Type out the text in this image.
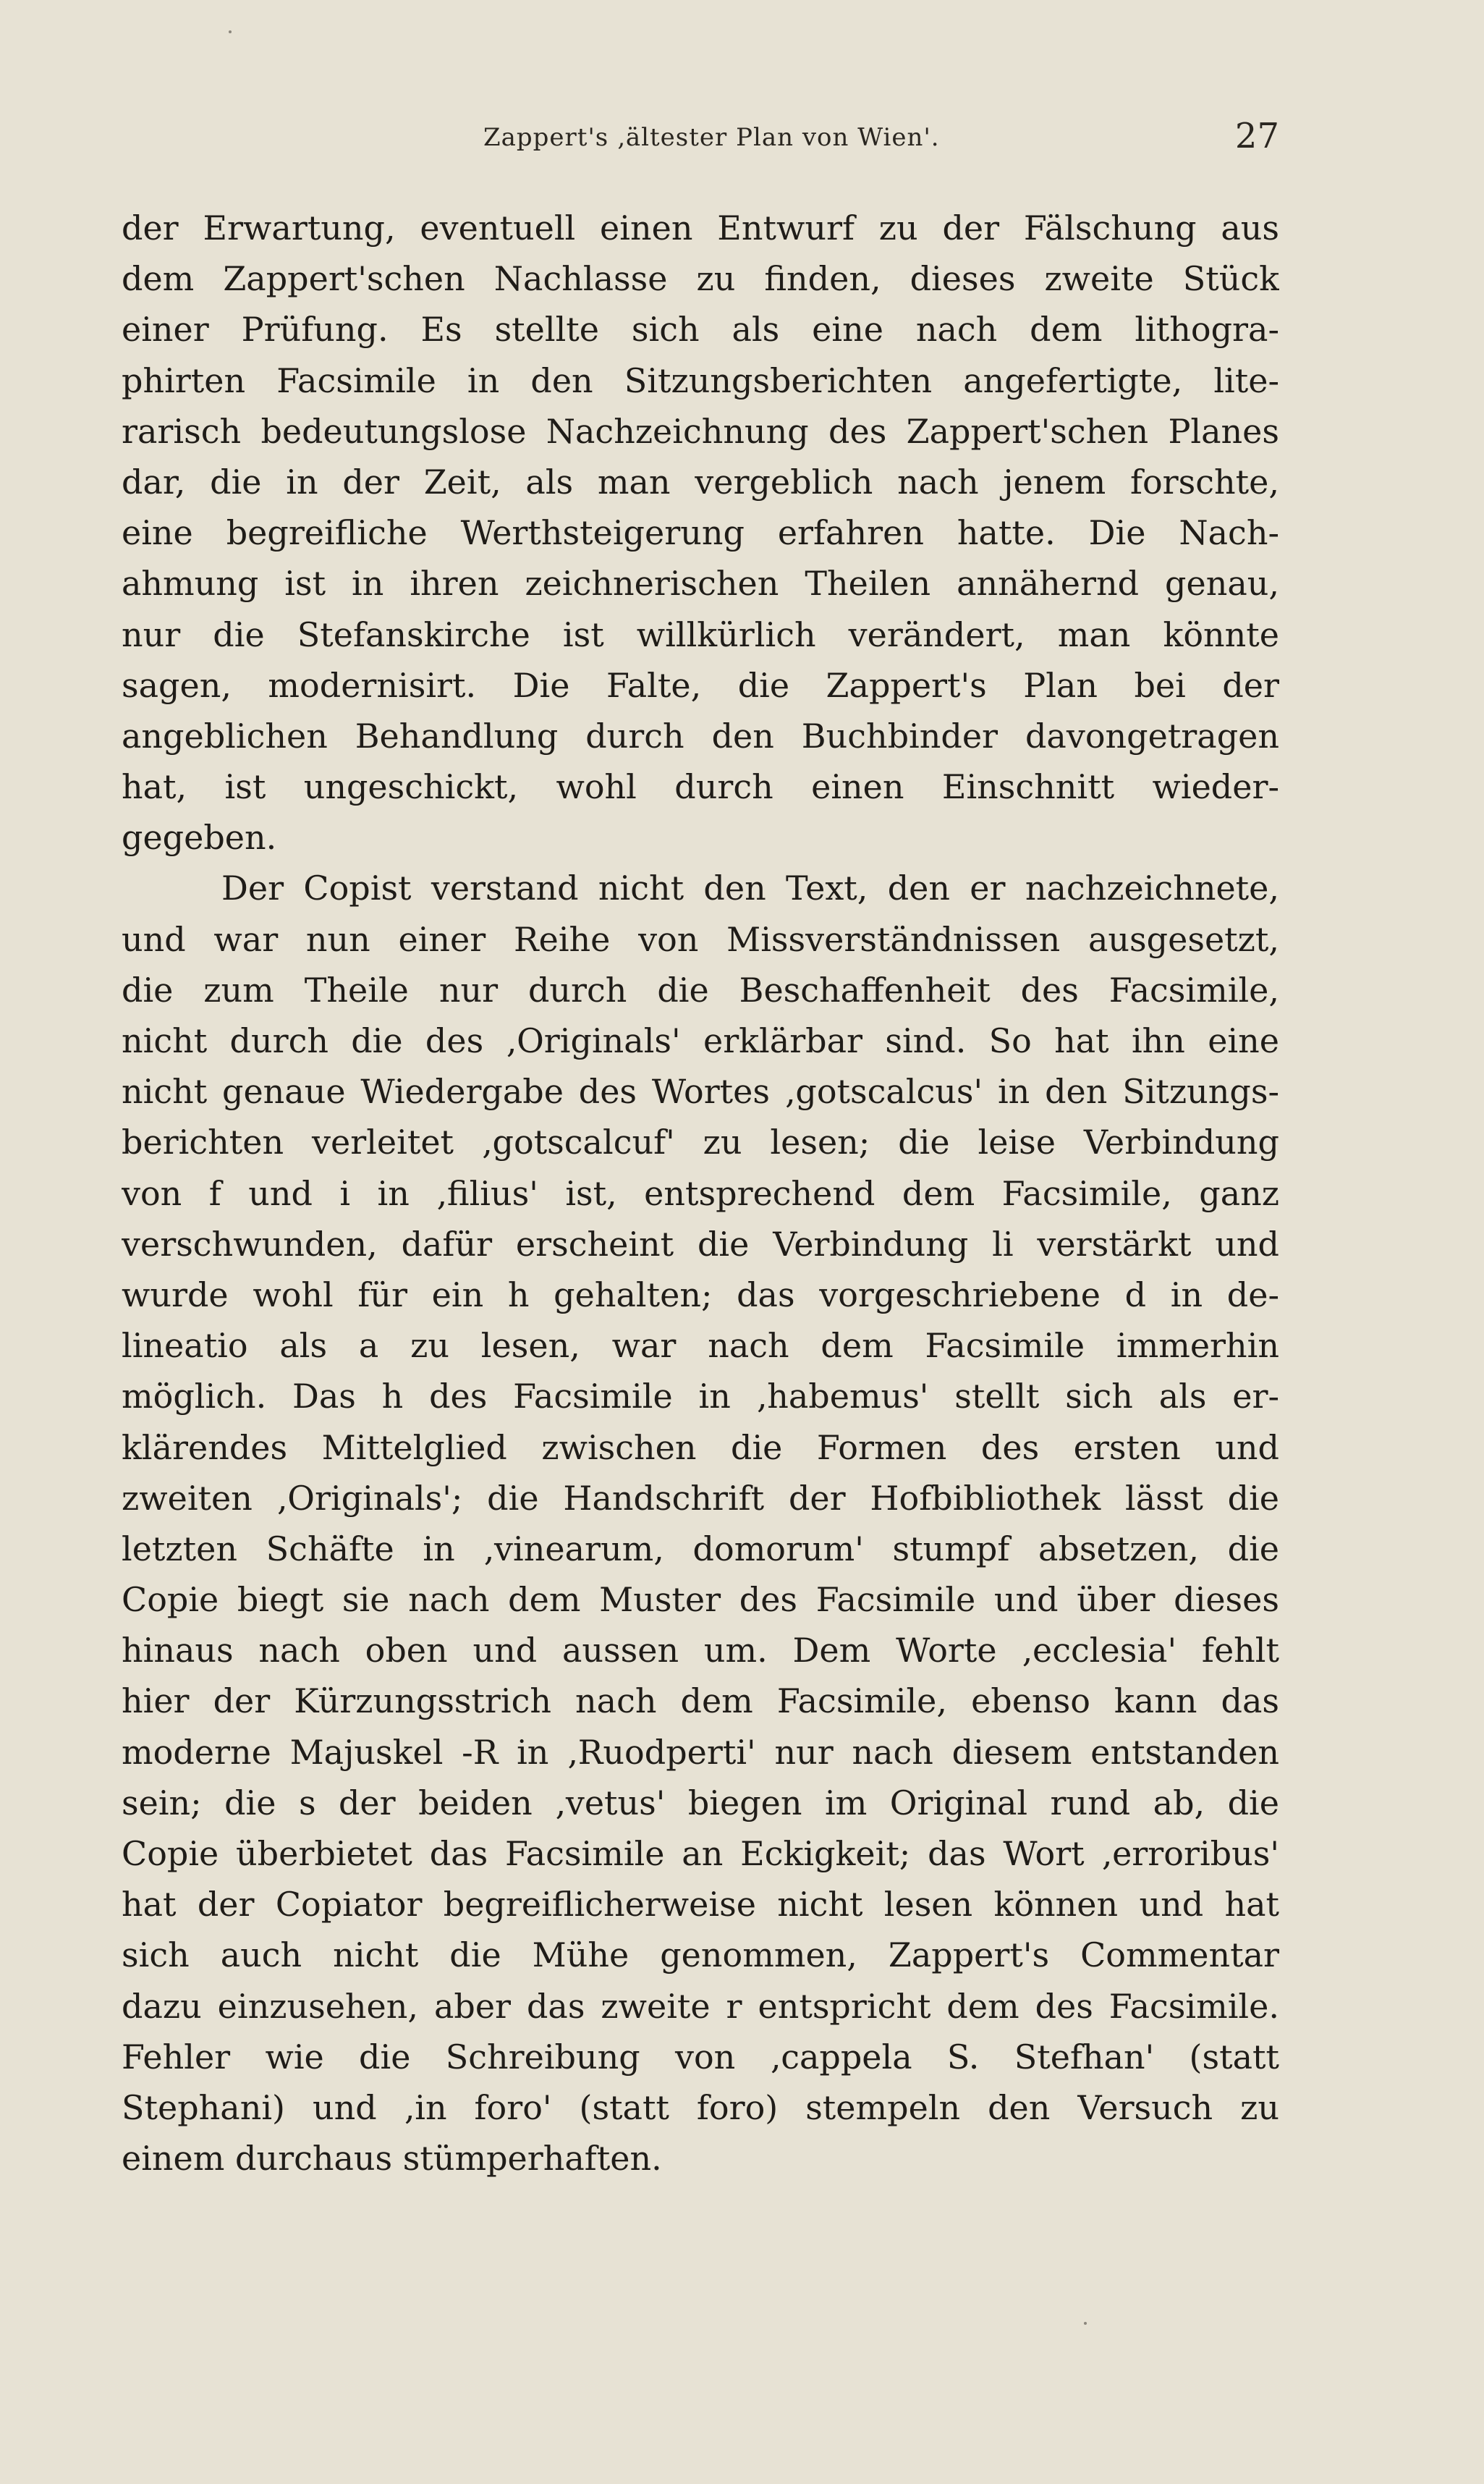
Zappert's ‚ältester Plan von Wien'.	27
der Erwartung, eventuell einen Entwurf zu der Fälschung aus
dem Zappert'schen Nachlasse zu finden, dieses zweite Stück
einer Prüfung. Es stellte sich als eine nach dem lithogra-
phirten Facsimile in den Sitzungsberichten angefertigte, lite-
rarisch bedeutungslose Nachzeichnung des Zappert'schen Planes
dar, die in der Zeit, als man vergeblich nach jenem forschte,
eine begreifliche Werthsteigerung erfahren hatte. Die Nach-
ahmung ist in ihren zeichnerischen Theilen annähernd genau,
nur die Stefanskirche ist willkürlich verändert, man könnte
sagen, modernisirt. Die Falte, die Zappert's Plan bei der
angeblichen Behandlung durch den Buchbinder davongetragen
hat, ist ungeschickt, wohl durch einen Einschnitt wieder-
gegeben.
Der Copist verstand nicht den Text, den er nachzeichnete,
und war nun einer Reihe von Missverständnissen ausgesetzt,
die zum Theile nur durch die Beschaffenheit des Facsimile,
nicht durch die des ‚Originals' erklärbar sind. So hat ihn eine
nicht genaue Wiedergabe des Wortes ‚gotscalcus' in den Sitzungs-
berichten verleitet ‚gotscalcuf' zu lesen; die leise Verbindung
von f und i in ‚filius' ist, entsprechend dem Facsimile, ganz
verschwunden, dafür erscheint die Verbindung li verstärkt und
wurde wohl für ein h gehalten; das vorgeschriebene d in de-
lineatio als a zu lesen, war nach dem Facsimile immerhin
möglich. Das h des Facsimile in ‚habemus' stellt sich als er-
klärendes Mittelglied zwischen die Formen des ersten und
zweiten ‚Originals'; die Handschrift der Hofbibliothek lässt die
letzten Schäfte in ‚vinearum, domorum' stumpf absetzen, die
Copie biegt sie nach dem Muster des Facsimile und über dieses
hinaus nach oben und aussen um. Dem Worte ‚ecclesia' fehlt
hier der Kürzungsstrich nach dem Facsimile, ebenso kann das
moderne Majuskel -R in ‚Ruodperti' nur nach diesem entstanden
sein; die s der beiden ‚vetus' biegen im Original rund ab, die
Copie überbietet das Facsimile an Eckigkeit; das Wort ‚erroribus'
hat der Copiator begreiflicherweise nicht lesen können und hat
sich auch nicht die Mühe genommen, Zappert's Commentar
dazu einzusehen, aber das zweite r entspricht dem des Facsimile.
Fehler wie die Schreibung von ‚cappela S. Stefhan' (statt
Stephani) und ‚in foro' (statt foro) stempeln den Versuch zu
einem durchaus stümperhaften.
